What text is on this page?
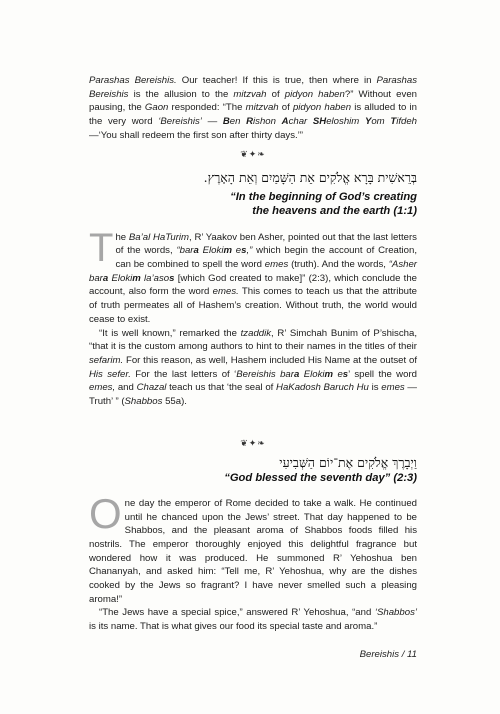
Parashas Bereishis. Our teacher! If this is true, then where in Parashas Bereishis is the allusion to the mitzvah of pidyon haben?” Without even pausing, the Gaon responded: “The mitzvah of pidyon haben is alluded to in the very word ‘Bereishis’ — Ben Rishon Achar SHeloshim Yom Tifdeh —‘You shall redeem the first son after thirty days.’”

❦✦❧
בְּרֵאשִׁית בָּרָא אֱלֹקִים אֵת הַשָּׁמַיִם וְאֵת הָאָרֶץ.
“In the beginning of God’s creating
the heavens and the earth (1:1)

The Ba’al HaTurim, R’ Yaakov ben Asher, pointed out that the last letters of the words, “bara Elokim es,” which begin the account of Creation, can be combined to spell the word emes (truth). And the words, “Asher bara Elokim la’asos [which God created to make]” (2:3), which conclude the account, also form the word emes. This comes to teach us that the attribute of truth permeates all of Hashem’s creation. Without truth, the world would cease to exist.

“It is well known,” remarked the tzaddik, R’ Simchah Bunim of P’shischa, “that it is the custom among authors to hint to their names in the titles of their sefarim. For this reason, as well, Hashem included His Name at the outset of His sefer. For the last letters of ‘Bereishis bara Elokim es’ spell the word emes, and Chazal teach us that ‘the seal of HaKadosh Baruch Hu is emes — Truth’ ” (Shabbos 55a).

❦✦❧
וַיְבָרֶךְ אֱלֹקִים אֶת־יוֹם הַשְּׁבִיעִי
“God blessed the seventh day” (2:3)

One day the emperor of Rome decided to take a walk. He continued until he chanced upon the Jews’ street. That day happened to be Shabbos, and the pleasant aroma of Shabbos foods filled his nostrils. The emperor thoroughly enjoyed this delightful fragrance but wondered how it was produced. He summoned R’ Yehoshua ben Chananyah, and asked him: “Tell me, R’ Yehoshua, why are the dishes cooked by the Jews so fragrant? I have never smelled such a pleasing aroma!”

“The Jews have a special spice,” answered R’ Yehoshua, “and ‘Shabbos’ is its name. That is what gives our food its special taste and aroma.”

Bereishis / 11
